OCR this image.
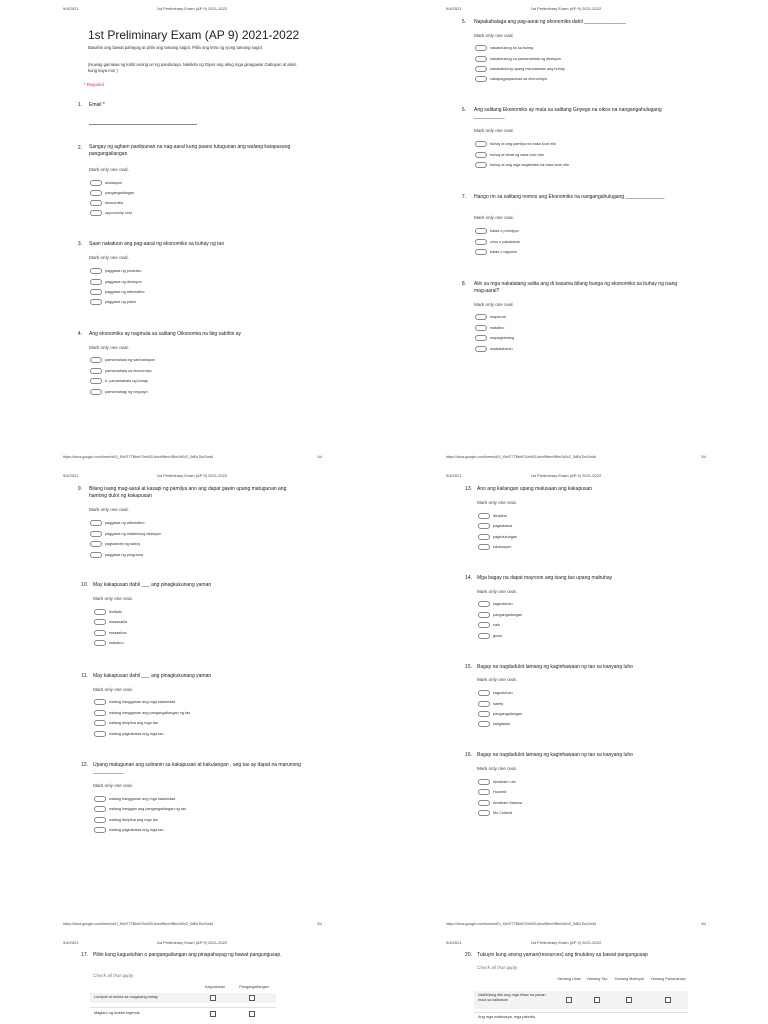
9/4/2021	1st Preliminary Exam (AP 9) 2021-2022
1st Preliminary Exam (AP 9) 2021-2022
Basahin ang bawat pahayag at piliin ang tamang sagot. Piliin ang letra ng iyong tamang sagot.
(Huwag gamawa ng kahit anong uri ng pandaraya. Nakikita ng Diyos ang ating mga ginagawa! Gabayan at alam kong kaya mo! )
* Required
1. Email *
2. Sangay ng agham panlipunan na nag-aaral kung paano tutugunan ang walang katapusang pangangailangan
Mark only one oval.
alokasyon
pangangailangan
ekonomiks
opportunity cost
3. Saan nakatuon ang pag-aaral ng ekonomiks sa buhay ng tao
Mark only one oval.
paggawa ng produkto
paggawa ng desisyon
paggawa ng alternatibo
paggawa ng plano
4. Ang ekonomiks ay nagmula sa salitang Oikonomia na ibig sabihin ay
Mark only one oval.
pamamahala ng sambahayan
pamamahala sa ekonomiya
b. pamamahala ng buhay
pamamahagi ng negosyo
https://docs.google.com/forms/d/1l_f0x9T7TBbhEGeMGUzbu9NexHIBm2d0xZ_0dEsTkn2/edit	1/4
9/4/2021	1st Preliminary Exam (AP 9) 2021-2022
5. Napakahalaga ang pag-aaral ng ekonomiks dahil _______________
Mark only one oval.
nakatutulong ito sa buhay
nakatutulong sa pamamahala ng desisyon
nakakatulong upang maunawaan ang buhay
nakapagpapaunlad sa ekonomiya
6. Ang salitang Ekonomiks ay mula sa salitang Griyego na oikos na nangangahulugang ___________
Mark only one oval.
buhay at ang pamilya na nasa loob nito
buhay at lahat ng nasa loob nito
buhay at ang mga kagamitan na nasa loob nito
7. Hango rin sa salitang nomos ang Ekonomiks na nangangahulugang ______________
Mark only one oval.
batas o prinsipyo
virus o pakakaran
batas o tagumin
8. Alin sa mga nakatalang salita ang di kasama bilang bunga ng ekonomiks sa buhay ng isang mag-aaral?
Mark only one oval.
mapanuri
matalino
mapagbintang
maalalahanin
https://docs.google.com/forms/d/1l_f0x9T7TBbhEGeMGUzbu9NexHIBm2d0xZ_0dEsTkn2/edit	2/4
9/4/2021	1st Preliminary Exam (AP 9) 2021-2022
9. Bilang isang mag-aaral at kasapi ng pamilya ano ang dapat gawin upang matugunan ang hamong dulot ng kakapusan
Mark only one oval.
paggawa ng alternatibo
paggawa ng matalinong desisyon
pagtatanim ng kahoy
paggawa ng programa
10. May kakapusan dahil ___ ang pinagkukunang yaman
Mark only one oval.
limitado
masasakla
masaabos
mataimu
11. May kakapusan dahil ___ ang pinagkukunang yaman
Mark only one oval.
walang hangganan ang mga kalamidad
walang hangganan ang pangangailangan ng tao
walang disiplina ang mga tao
walang pagkakaisa ang mga tao
12. Upang matugunan ang suliranin sa kakapusan at kakulangan , ang tao ay dapat na marunong ___________
Mark only one oval.
walang hangganan ang mga kalamidad
walang hanggan ang pangangailangan ng tao
walang disiplina ang mga tao
walang pagkakaisa ang mga tao
https://docs.google.com/forms/d/1l_f0x9T7TBbhEGeMGUzbu9NexHIBm2d0xZ_0dEsTkn2/edit	3/4
9/4/2021	1st Preliminary Exam (AP 9) 2021-2022
13. Ano ang kailangan upang malusaan ang kakapusan
Mark only one oval.
disiplina
pagkakaisa
pagtutulungan
edukasyon
14. Mga bagay na dapat mayroon ang isang tao upang mabuhay
Mark only one oval.
kagustuhan
pangangailangan
nais
gusto
15. Bagay na nagdudulot lamang ng kaginhawaan ng tao sa kanyang luho
Mark only one oval.
kagustuhan
safety
pangangailangan
kaligtasan
16. Bagay na nagdudulot lamang ng kaginhawaan ng tao sa kanyang luho
Mark only one oval.
Abraham Lee
Howard
Abraham Maslow
Mc Celland
https://docs.google.com/forms/d/1l_f0x9T7TBbhEGeMGUzbu9NexHIBm2d0xZ_0dEsTkn2/edit	4/4
9/4/2021	1st Preliminary Exam (AP 9) 2021-2022
17. Piliin kung kagustuhan o pangangailangan ang pinapahayag ng bawat pangungusap.
Check all that apply.
Kagustuhan	Pangangailangan
Lumipat at tumira sa magarang bahay
Maglaro ng mobile legends
9/4/2021	1st Preliminary Exam (AP 9) 2021-2022
20. Tukuyin kung anong yaman(resources) ang tinutukoy sa bawat pangungusap
Check all that apply.
Yamang Likas	Yamang Tao	Yamang Materyal	Yamang Panananapi
Nabibilang dito ang mga hilaw na panan mula sa kalikasan
Ang mga makinarya, mga pabrika,
